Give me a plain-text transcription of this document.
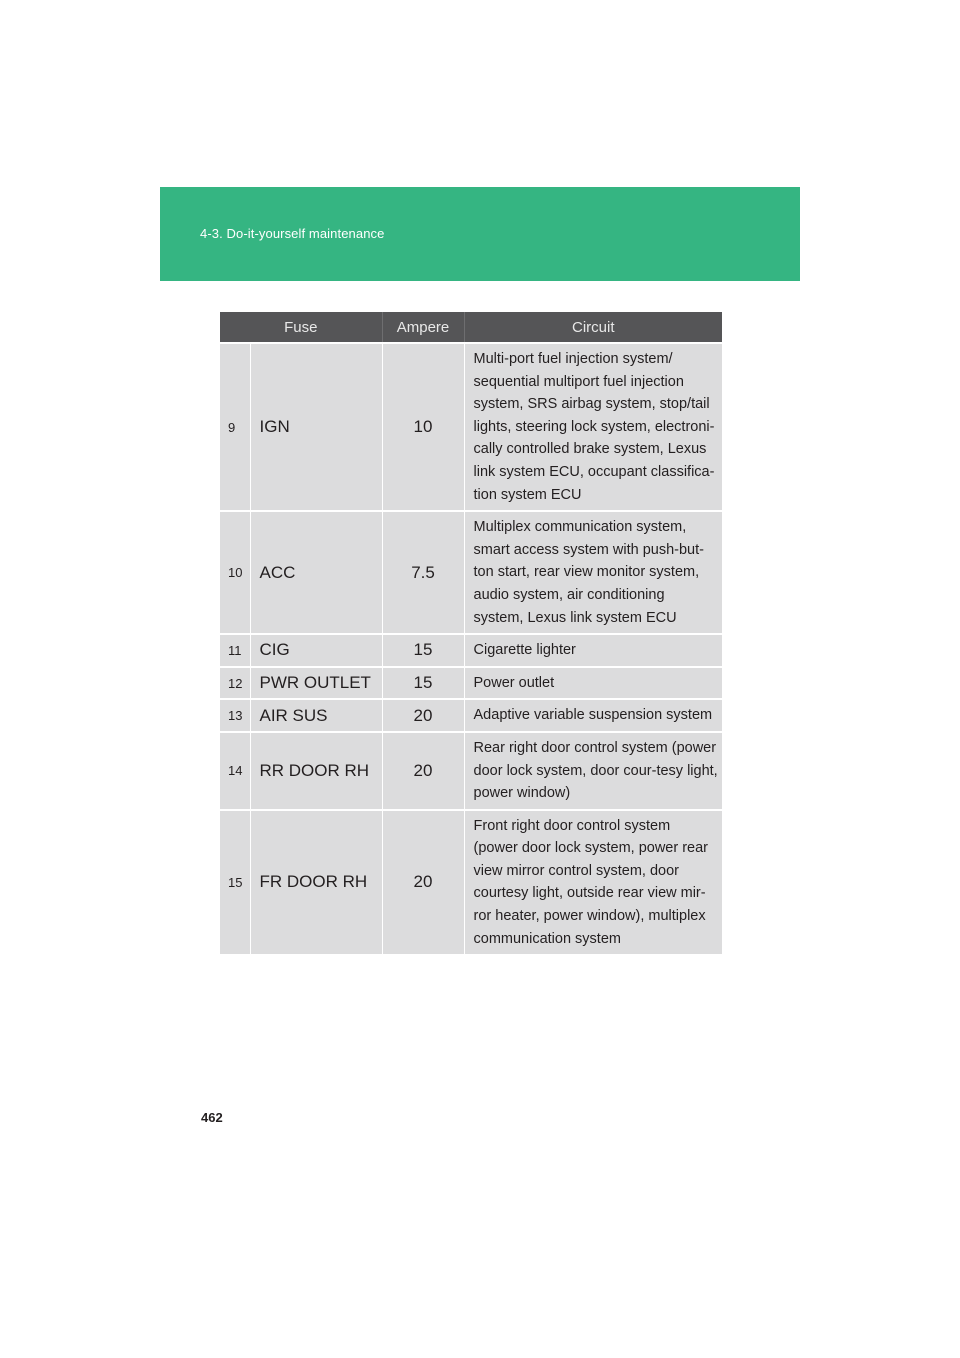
4-3. Do-it-yourself maintenance
Fuse		Ampere	Circuit
9	IGN	10	Multi-port fuel injection system/ sequential multiport fuel injection system, SRS airbag system, stop/tail lights, steering lock system, electroni-cally controlled brake system, Lexus link system ECU, occupant classifica-tion system ECU
10	ACC	7.5	Multiplex communication system, smart access system with push-but-ton start, rear view monitor system, audio system, air conditioning system, Lexus link system ECU
11	CIG	15	Cigarette lighter
12	PWR OUTLET	15	Power outlet
13	AIR SUS	20	Adaptive variable suspension system
14	RR DOOR RH	20	Rear right door control system (power door lock system, door cour-tesy light, power window)
15	FR DOOR RH	20	Front right door control system (power door lock system, power rear view mirror control system, door courtesy light, outside rear view mir-ror heater, power window), multiplex communication system
462
